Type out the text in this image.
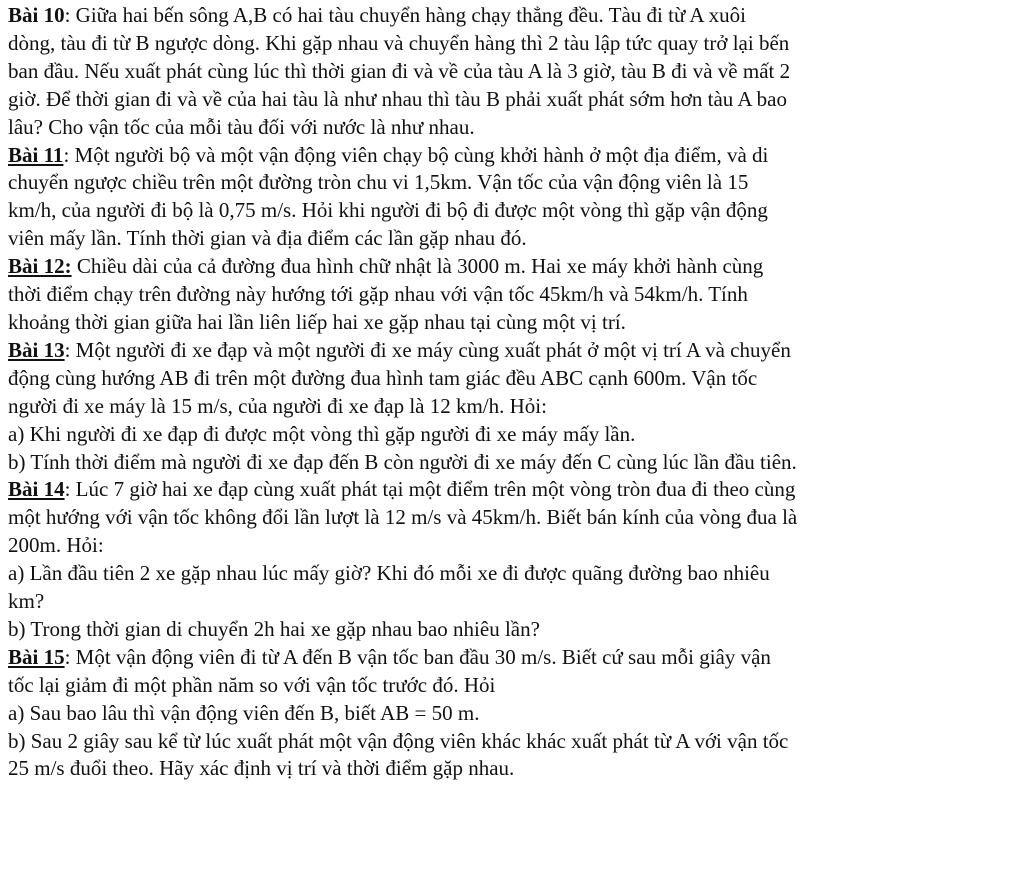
Bài 10: Giữa hai bến sông A,B có hai tàu chuyển hàng chạy thẳng đều. Tàu đi từ A xuôi

dòng, tàu đi từ B ngược dòng. Khi gặp nhau và chuyển hàng thì 2 tàu lập tức quay trở lại bến

ban đầu. Nếu xuất phát cùng lúc thì thời gian đi và về của tàu A là 3 giờ, tàu B đi và về mất 2

giờ. Để thời gian đi và về của hai tàu là như nhau thì tàu B phải xuất phát sớm hơn tàu A bao

lâu? Cho vận tốc của mỗi tàu đối với nước là như nhau.

Bài 11: Một người bộ và một vận động viên chạy bộ cùng khởi hành ở một địa điểm, và di

chuyển ngược chiều trên một đường tròn chu vi 1,5km. Vận tốc của vận động viên là 15

km/h, của người đi bộ là 0,75 m/s. Hỏi khi người đi bộ đi được một vòng thì gặp vận động

viên mấy lần. Tính thời gian và địa điểm các lần gặp nhau đó.

Bài 12: Chiều dài của cả đường đua hình chữ nhật là 3000 m. Hai xe máy khởi hành cùng

thời điểm chạy trên đường này hướng tới gặp nhau với vận tốc 45km/h và 54km/h. Tính

khoảng thời gian giữa hai lần liên liếp hai xe gặp nhau tại cùng một vị trí.

Bài 13: Một người đi xe đạp và một người đi xe máy cùng xuất phát ở một vị trí A và chuyển

động cùng hướng AB đi trên một đường đua hình tam giác đều ABC cạnh 600m. Vận tốc

người đi xe máy là 15 m/s, của người đi xe đạp là 12 km/h. Hỏi:

a) Khi người đi xe đạp đi được một vòng thì gặp người đi xe máy mấy lần.

b) Tính thời điểm mà người đi xe đạp đến B còn người đi xe máy đến C cùng lúc lần đầu tiên.

Bài 14: Lúc 7 giờ hai xe đạp cùng xuất phát tại một điểm trên một vòng tròn đua đi theo cùng

một hướng với vận tốc không đổi lần lượt là 12 m/s và 45km/h. Biết bán kính của vòng đua là

200m. Hỏi:

a) Lần đầu tiên 2 xe gặp nhau lúc mấy giờ? Khi đó mỗi xe đi được quãng đường bao nhiêu

km?

b) Trong thời gian di chuyển 2h hai xe gặp nhau bao nhiêu lần?

Bài 15: Một vận động viên đi từ A đến B vận tốc ban đầu 30 m/s. Biết cứ sau mỗi giây vận

tốc lại giảm đi một phần năm so với vận tốc trước đó. Hỏi

a) Sau bao lâu thì vận động viên đến B, biết AB = 50 m.

b) Sau 2 giây sau kể từ lúc xuất phát một vận động viên khác khác xuất phát từ A với vận tốc

25 m/s đuổi theo. Hãy xác định vị trí và thời điểm gặp nhau.
